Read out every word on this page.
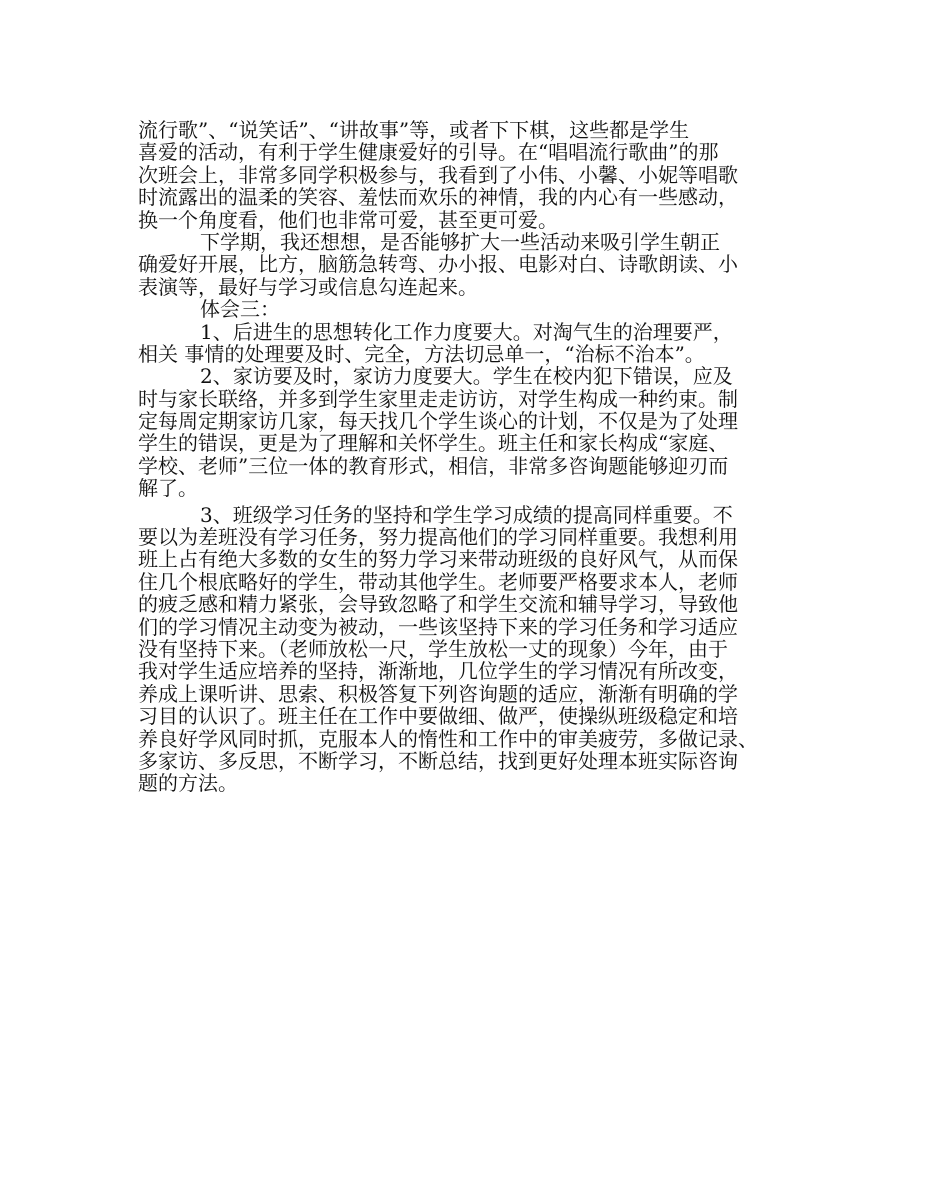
流行歌”、“说笑话”、“讲故事”等，或者下下棋，这些都是学生
喜爱的活动，有利于学生健康爱好的引导。在“唱唱流行歌曲”的那
次班会上，非常多同学积极参与，我看到了小伟、小馨、小妮等唱歌
时流露出的温柔的笑容、羞怯而欢乐的神情，我的内心有一些感动，
换一个角度看，他们也非常可爱，甚至更可爱。
下学期，我还想想，是否能够扩大一些活动来吸引学生朝正
确爱好开展，比方，脑筋急转弯、办小报、电影对白、诗歌朗读、小
表演等，最好与学习或信息勾连起来。
体会三：
1、后进生的思想转化工作力度要大。对淘气生的治理要严，
相关 事情的处理要及时、完全，方法切忌单一，“治标不治本”。
2、家访要及时，家访力度要大。学生在校内犯下错误，应及
时与家长联络，并多到学生家里走走访访，对学生构成一种约束。制
定每周定期家访几家，每天找几个学生谈心的计划，不仅是为了处理
学生的错误，更是为了理解和关怀学生。班主任和家长构成“家庭、
学校、老师”三位一体的教育形式，相信，非常多咨询题能够迎刃而
解了。
3、班级学习任务的坚持和学生学习成绩的提高同样重要。不
要以为差班没有学习任务，努力提高他们的学习同样重要。我想利用
班上占有绝大多数的女生的努力学习来带动班级的良好风气，从而保
住几个根底略好的学生，带动其他学生。老师要严格要求本人，老师
的疲乏感和精力紧张，会导致忽略了和学生交流和辅导学习，导致他
们的学习情况主动变为被动，一些该坚持下来的学习任务和学习适应
没有坚持下来。（老师放松一尺，学生放松一丈的现象）今年，由于
我对学生适应培养的坚持，渐渐地，几位学生的学习情况有所改变，
养成上课听讲、思索、积极答复下列咨询题的适应，渐渐有明确的学
习目的认识了。班主任在工作中要做细、做严，使操纵班级稳定和培
养良好学风同时抓，克服本人的惰性和工作中的审美疲劳，多做记录、
多家访、多反思，不断学习，不断总结，找到更好处理本班实际咨询
题的方法。
